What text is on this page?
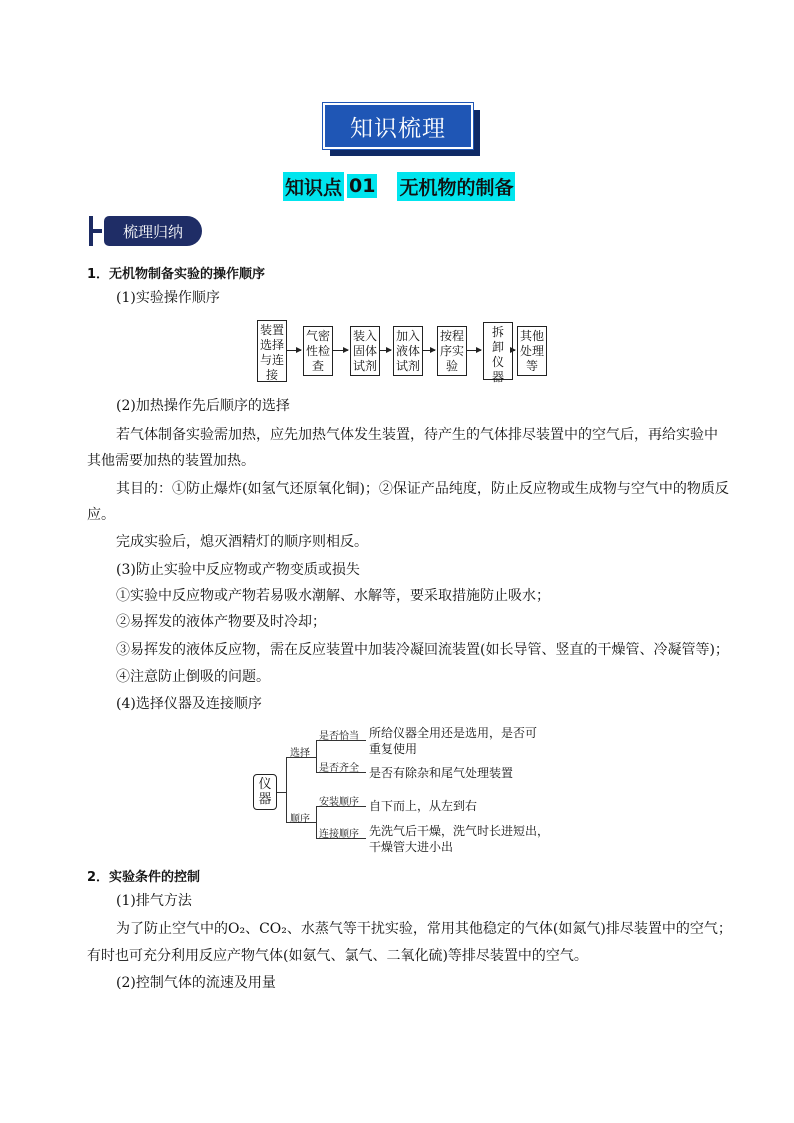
知识梳理
知识点 01 无机物的制备
梳理归纳
1．无机物制备实验的操作顺序
(1)实验操作顺序
装置
选择
与连
接
气密
性检
查
装入
固体
试剂
加入
液体
试剂
按程
序实
验
拆
卸
仪
器
其他
处理
等
(2)加热操作先后顺序的选择
若气体制备实验需加热，应先加热气体发生装置，待产生的气体排尽装置中的空气后，再给实验中
其他需要加热的装置加热。
其目的：①防止爆炸(如氢气还原氧化铜)；②保证产品纯度，防止反应物或生成物与空气中的物质反
应。
完成实验后，熄灭酒精灯的顺序则相反。
(3)防止实验中反应物或产物变质或损失
①实验中反应物或产物若易吸水潮解、水解等，要采取措施防止吸水；
②易挥发的液体产物要及时冷却；
③易挥发的液体反应物，需在反应装置中加装冷凝回流装置(如长导管、竖直的干燥管、冷凝管等)；
④注意防止倒吸的问题。
(4)选择仪器及连接顺序
仪
器
选择
顺序
是否恰当
是否齐全
所给仪器全用还是选用，是否可
重复使用
是否有除杂和尾气处理装置
安装顺序
连接顺序
自下而上，从左到右
先洗气后干燥，洗气时长进短出，
干燥管大进小出
2．实验条件的控制
(1)排气方法
为了防止空气中的O₂、CO₂、水蒸气等干扰实验，常用其他稳定的气体(如氮气)排尽装置中的空气；
有时也可充分利用反应产物气体(如氨气、氯气、二氧化硫)等排尽装置中的空气。
(2)控制气体的流速及用量
